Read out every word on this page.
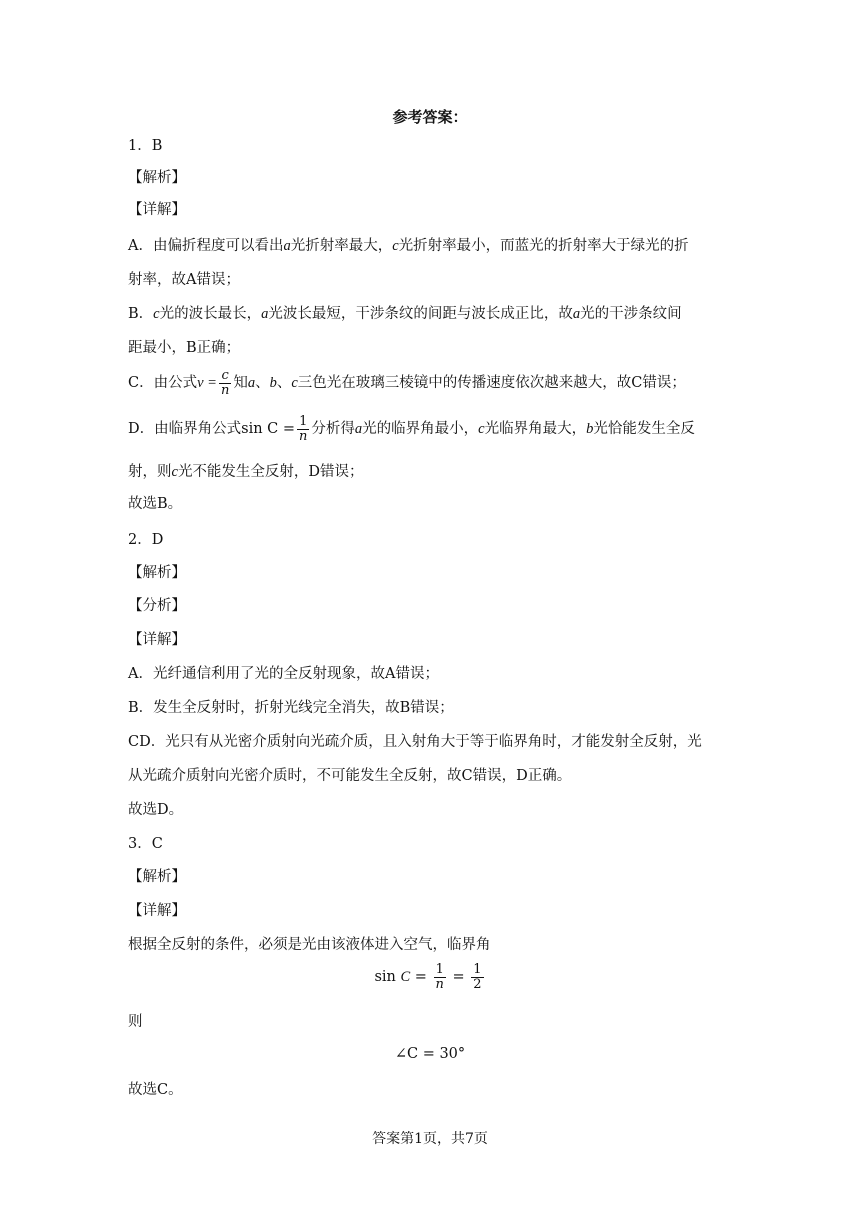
参考答案：
1．B
【解析】
【详解】
A．由偏折程度可以看出a光折射率最大，c光折射率最小，而蓝光的折射率大于绿光的折
射率，故A错误；
B．c光的波长最长，a光波长最短，干涉条纹的间距与波长成正比，故a光的干涉条纹间
距最小，B正确；
C．由公式$v = \frac{c}{n}$ 知a、b、c三色光在玻璃三棱镜中的传播速度依次越来越大，故C错误；
D．由临界角公式$\sin C = \frac{1}{n}$ 分析得a光的临界角最小，c光临界角最大，b光恰能发生全反
射，则c光不能发生全反射，D错误；
故选B。
2．D
【解析】
【分析】
【详解】
A．光纤通信利用了光的全反射现象，故A错误；
B．发生全反射时，折射光线完全消失，故B错误；
CD．光只有从光密介质射向光疏介质，且入射角大于等于临界角时，才能发射全反射，光
从光疏介质射向光密介质时，不可能发生全反射，故C错误，D正确。
故选D。
3．C
【解析】
【详解】
根据全反射的条件，必须是光由该液体进入空气，临界角
$\sin C = \frac{1}{n} = \frac{1}{2}$
则
∠C = 30°
故选C。
答案第1页，共7页
